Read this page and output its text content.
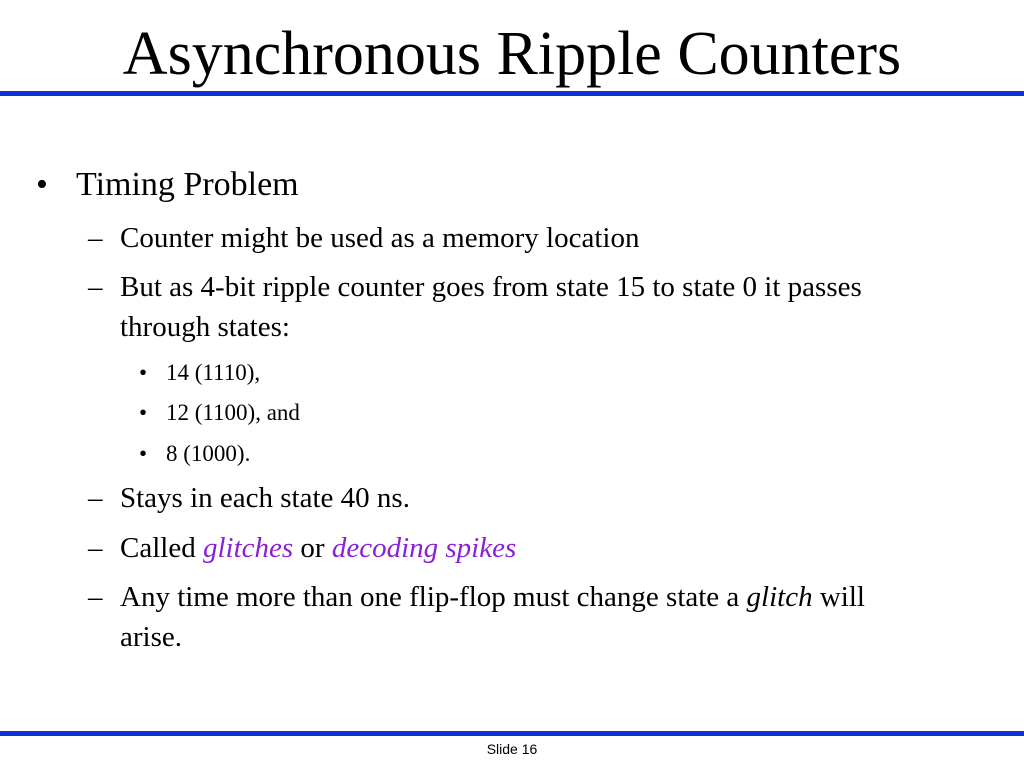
Asynchronous Ripple Counters
• Timing Problem
– Counter might be used as a memory location
– But as 4-bit ripple counter goes from state 15 to state 0 it passes
through states:
• 14 (1110),
• 12 (1100), and
• 8 (1000).
– Stays in each state 40 ns.
– Called glitches or decoding spikes
– Any time more than one flip-flop must change state a glitch will
arise.
Slide 16
